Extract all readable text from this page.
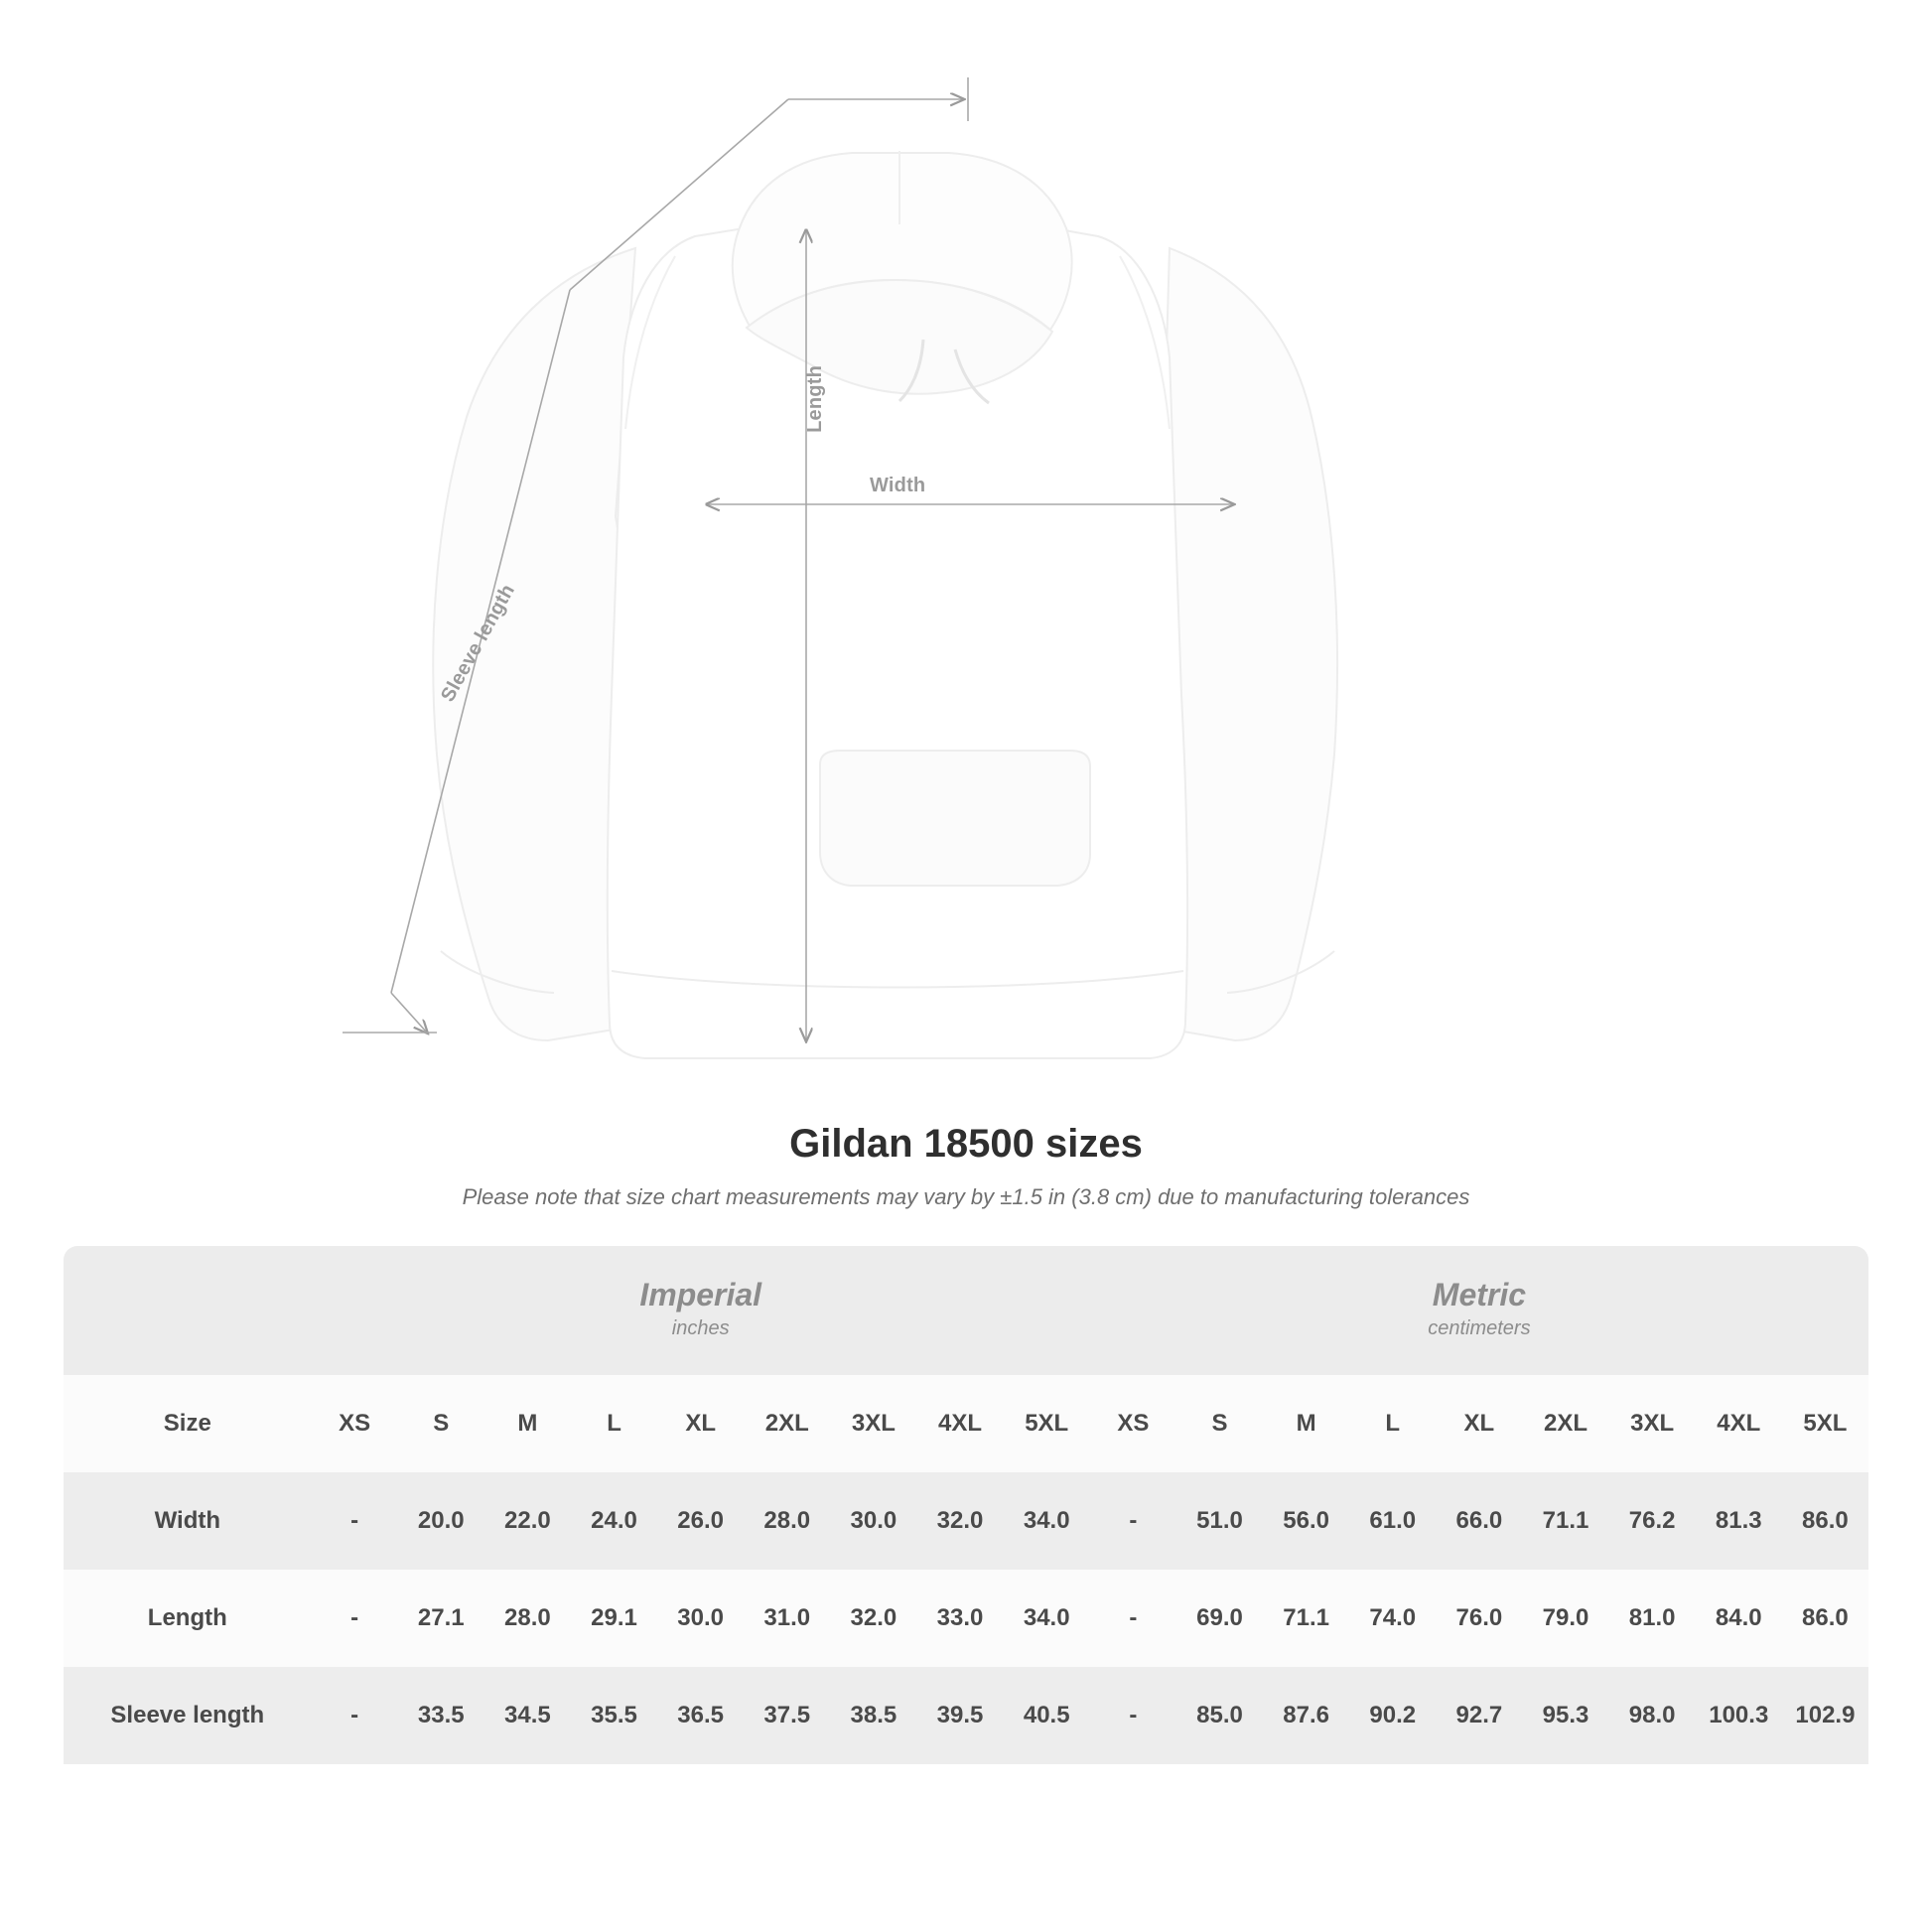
Length
Width
Sleeve length
Gildan 18500 sizes

Please note that size chart measurements may vary by ±1.5 in (3.8 cm) due to manufacturing tolerances

Imperial
inches

Metric
centimeters

Size	XS	S	M	L	XL	2XL	3XL	4XL	5XL	XS	S	M	L	XL	2XL	3XL	4XL	5XL
Width	-	20.0	22.0	24.0	26.0	28.0	30.0	32.0	34.0	-	51.0	56.0	61.0	66.0	71.1	76.2	81.3	86.0
Length	-	27.1	28.0	29.1	30.0	31.0	32.0	33.0	34.0	-	69.0	71.1	74.0	76.0	79.0	81.0	84.0	86.0
Sleeve length	-	33.5	34.5	35.5	36.5	37.5	38.5	39.5	40.5	-	85.0	87.6	90.2	92.7	95.3	98.0	100.3	102.9
